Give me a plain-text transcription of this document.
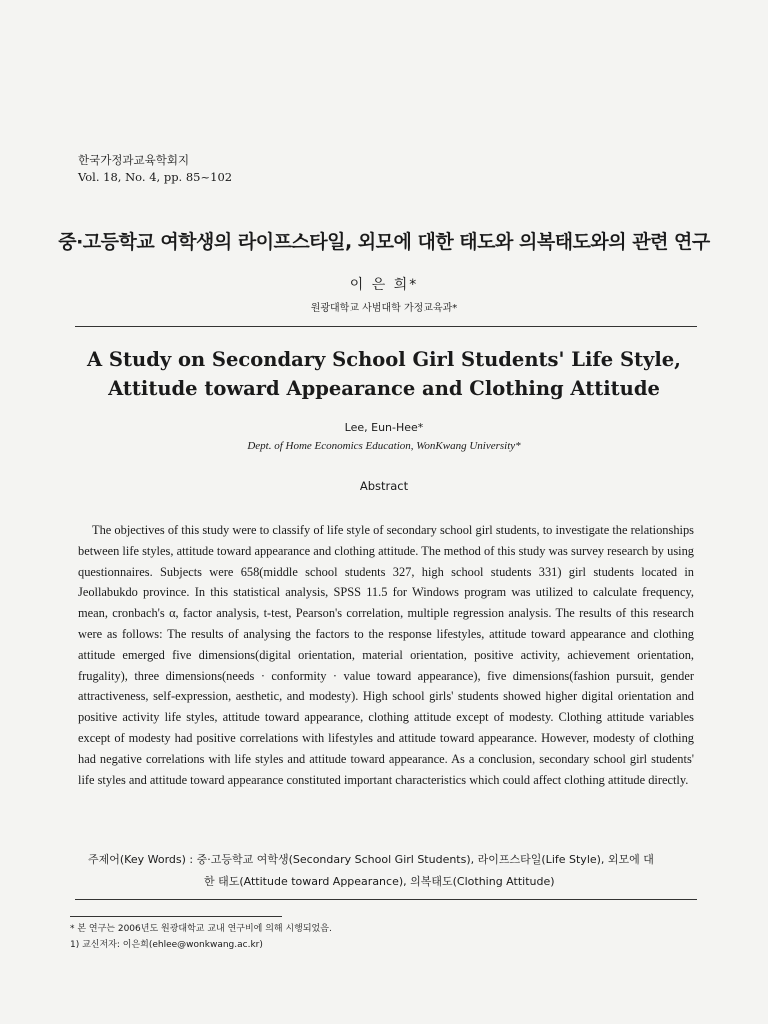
한국가정과교육학회지
Vol. 18, No. 4, pp. 85~102
중·고등학교 여학생의 라이프스타일, 외모에 대한 태도와 의복태도와의 관련 연구
이 은 희*
원광대학교 사범대학 가정교육과*
A Study on Secondary School Girl Students' Life Style,
Attitude toward Appearance and Clothing Attitude
Lee, Eun-Hee*
Dept. of Home Economics Education, WonKwang University*
Abstract
The objectives of this study were to classify of life style of secondary school girl students, to investigate the relationships between life styles, attitude toward appearance and clothing attitude. The method of this study was survey research by using questionnaires. Subjects were 658(middle school students 327, high school students 331) girl students located in Jeollabukdo province. In this statistical analysis, SPSS 11.5 for Windows program was utilized to calculate frequency, mean, cronbach's α, factor analysis, t-test, Pearson's correlation, multiple regression analysis. The results of this research were as follows: The results of analysing the factors to the response lifestyles, attitude toward appearance and clothing attitude emerged five dimensions(digital orientation, material orientation, positive activity, achievement orientation, frugality), three dimensions(needs · conformity · value toward appearance), five dimensions(fashion pursuit, gender attractiveness, self-expression, aesthetic, and modesty). High school girls' students showed higher digital orientation and positive activity life styles, attitude toward appearance, clothing attitude except of modesty. Clothing attitude variables except of modesty had positive correlations with lifestyles and attitude toward appearance. However, modesty of clothing had negative correlations with life styles and attitude toward appearance. As a conclusion, secondary school girl students' life styles and attitude toward appearance constituted important characteristics which could affect clothing attitude directly.
주제어(Key Words) : 중·고등학교 여학생(Secondary School Girl Students), 라이프스타일(Life Style), 외모에 대
한 태도(Attitude toward Appearance), 의복태도(Clothing Attitude)
* 본 연구는 2006년도 원광대학교 교내 연구비에 의해 시행되었음.
1) 교신저자: 이은희(ehlee@wonkwang.ac.kr)
